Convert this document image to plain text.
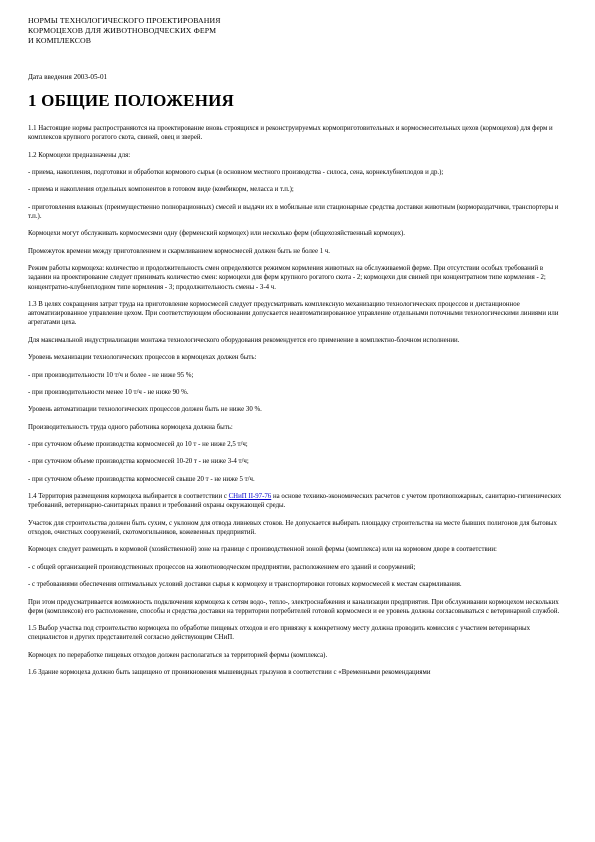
НОРМЫ ТЕХНОЛОГИЧЕСКОГО ПРОЕКТИРОВАНИЯ
КОРМОЦЕХОВ ДЛЯ ЖИВОТНОВОДЧЕСКИХ ФЕРМ
И КОМПЛЕКСОВ
Дата введения 2003-05-01
1 ОБЩИЕ ПОЛОЖЕНИЯ

1.1 Настоящие нормы распространяются на проектирование вновь строящихся и реконструируемых кормоприготовительных и кормосмесительных цехов (кормоцехов) для ферм и комплексов крупного рогатого скота, свиней, овец и зверей.

1.2 Кормоцехи предназначены для:

- приема, накопления, подготовки и обработки кормового сырья (в основном местного производства - силоса, сена, корнеклубнеплодов и др.);

- приема и накопления отдельных компонентов в готовом виде (комбикорм, меласса и т.п.);

- приготовления влажных (преимущественно полнорационных) смесей и выдачи их в мобильные или стационарные средства доставки животным (кормораздатчики, транспортеры и т.п.).

Кормоцехи могут обслуживать кормосмесями одну (ферменский кормоцех) или несколько ферм (общехозяйственный кормоцех).

Промежуток времени между приготовлением и скармливанием кормосмесей должен быть не более 1 ч.

Режим работы кормоцеха: количество и продолжительность смен определяются режимом кормления животных на обслуживаемой ферме. При отсутствии особых требований в задании на проектирование следует принимать количество смен: кормоцехи для ферм крупного рогатого скота - 2; кормоцехи для свиней при концентратном типе кормления - 2; концентратно-клубнеплодном типе кормления - 3; продолжительность смены - 3-4 ч.

1.3 В целях сокращения затрат труда на приготовление кормосмесей следует предусматривать комплексную механизацию технологических процессов и дистанционное автоматизированное управление цехом. При соответствующем обосновании допускается неавтоматизированное управление отдельными поточными технологическими линиями или агрегатами цеха.

Для максимальной индустриализации монтажа технологического оборудования рекомендуется его применение в комплектно-блочном исполнении.

Уровень механизации технологических процессов в кормоцехах должен быть:

- при производительности 10 т/ч и более - не ниже 95 %;

- при производительности менее 10 т/ч - не ниже 90 %.

Уровень автоматизации технологических процессов должен быть не ниже 30 %.

Производительность труда одного работника кормоцеха должна быть:

- при суточном объеме производства кормосмесей до 10 т - не ниже 2,5 т/ч;

- при суточном объеме производства кормосмесей 10-20 т - не ниже 3-4 т/ч;

- при суточном объеме производства кормосмесей свыше 20 т - не ниже 5 т/ч.

1.4 Территория размещения кормоцеха выбирается в соответствии с СНиП II-97-76 на основе технико-экономических расчетов с учетом противопожарных, санитарно-гигиенических требований, ветеринарно-санитарных правил и требований охраны окружающей среды.

Участок для строительства должен быть сухим, с уклоном для отвода ливневых стоков. Не допускается выбирать площадку строительства на месте бывших полигонов для бытовых отходов, очистных сооружений, скотомогильников, кожевенных предприятий.

Кормоцех следует размещать в кормовой (хозяйственной) зоне на границе с производственной зоной фермы (комплекса) или на кормовом дворе в соответствии:

- с общей организацией производственных процессов на животноводческом предприятии, расположением его зданий и сооружений;

- с требованиями обеспечения оптимальных условий доставки сырья к кормоцеху и транспортировки готовых кормосмесей к местам скармливания.

При этом предусматривается возможность подключения кормоцеха к сетям водо-, тепло-, электроснабжения и канализации предприятия. При обслуживании кормоцехом нескольких ферм (комплексов) его расположение, способы и средства доставки на территории потребителей готовой кормосмеси и ее уровень должны согласовываться с ветеринарной службой.

1.5 Выбор участка под строительство кормоцеха по обработке пищевых отходов и его привязку к конкретному месту должна проводить комиссия с участием ветеринарных специалистов и других представителей согласно действующим СНиП.

Кормоцех по переработке пищевых отходов должен располагаться за территорией фермы (комплекса).

1.6 Здание кормоцеха должно быть защищено от проникновения мышевидных грызунов в соответствии с «Временными рекомендациями
